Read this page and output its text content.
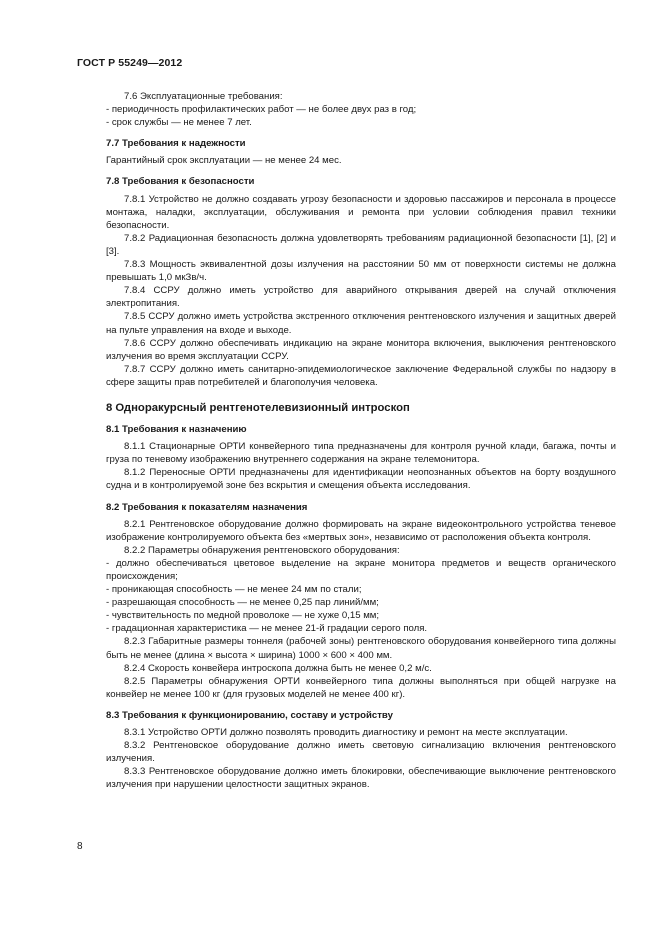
ГОСТ Р 55249—2012

7.6 Эксплуатационные требования:

- периодичность профилактических работ — не более двух раз в год;

- срок службы — не менее 7 лет.

7.7 Требования к надежности

Гарантийный срок эксплуатации — не менее 24 мес.

7.8 Требования к безопасности

7.8.1 Устройство не должно создавать угрозу безопасности и здоровью пассажиров и персонала в процессе монтажа, наладки, эксплуатации, обслуживания и ремонта при условии соблюдения правил техники безопасности.

7.8.2 Радиационная безопасность должна удовлетворять требованиям радиационной безопасности [1], [2] и [3].

7.8.3 Мощность эквивалентной дозы излучения на расстоянии 50 мм от поверхности системы не должна превышать 1,0 мкЗв/ч.

7.8.4 ССРУ должно иметь устройство для аварийного открывания дверей на случай отключения электропитания.

7.8.5 ССРУ должно иметь устройства экстренного отключения рентгеновского излучения и защитных дверей на пульте управления на входе и выходе.

7.8.6 ССРУ должно обеспечивать индикацию на экране монитора включения, выключения рентгеновского излучения во время эксплуатации ССРУ.

7.8.7 ССРУ должно иметь санитарно-эпидемиологическое заключение Федеральной службы по надзору в сфере защиты прав потребителей и благополучия человека.

8 Одноракурсный рентгенотелевизионный интроскоп

8.1 Требования к назначению

8.1.1 Стационарные ОРТИ конвейерного типа предназначены для контроля ручной клади, багажа, почты и груза по теневому изображению внутреннего содержания на экране телемонитора.

8.1.2 Переносные ОРТИ предназначены для идентификации неопознанных объектов на борту воздушного судна и в контролируемой зоне без вскрытия и смещения объекта исследования.

8.2 Требования к показателям назначения

8.2.1 Рентгеновское оборудование должно формировать на экране видеоконтрольного устройства теневое изображение контролируемого объекта без «мертвых зон», независимо от расположения объекта контроля.

8.2.2 Параметры обнаружения рентгеновского оборудования:

- должно обеспечиваться цветовое выделение на экране монитора предметов и веществ органического происхождения;

- проникающая способность — не менее 24 мм по стали;

- разрешающая способность — не менее 0,25 пар линий/мм;

- чувствительность по медной проволоке — не хуже 0,15 мм;

- градационная характеристика — не менее 21-й градации серого поля.

8.2.3 Габаритные размеры тоннеля (рабочей зоны) рентгеновского оборудования конвейерного типа должны быть не менее (длина × высота × ширина) 1000 × 600 × 400 мм.

8.2.4 Скорость конвейера интроскопа должна быть не менее 0,2 м/с.

8.2.5 Параметры обнаружения ОРТИ конвейерного типа должны выполняться при общей нагрузке на конвейер не менее 100 кг (для грузовых моделей не менее 400 кг).

8.3 Требования к функционированию, составу и устройству

8.3.1 Устройство ОРТИ должно позволять проводить диагностику и ремонт на месте эксплуатации.

8.3.2 Рентгеновское оборудование должно иметь световую сигнализацию включения рентгеновского излучения.

8.3.3 Рентгеновское оборудование должно иметь блокировки, обеспечивающие выключение рентгеновского излучения при нарушении целостности защитных экранов.

8
